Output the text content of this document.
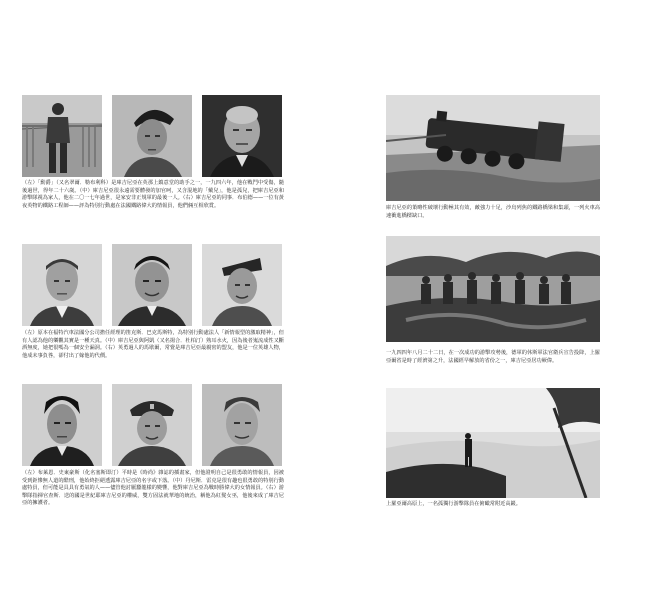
（左）「勳爵」（又名翠爾．勒布利科）是庫吉尼亞在英那上鎮意堂的助手之一，一九四六年，他在戰鬥中受傷，隨後過世，得年二十六歲。（中）庫吉尼亞很永遠需要體發的加官呵，又含混地的「戴兒」，他是孤兒，把庫吉尼亞和游擊隊視為家人，他在二〇一七年過世，是家安非正規軍的最後一人。（右）庫吉尼亞的同事．布伯德——一位有黃夜英物的鐵路工程師——評為特別行動處在法國鐵路偉大的情報員，他們倆互相欣賞。

（左）原本在福特汽車法國分公司擔任經理的笛克斯．巴克馬斯特，為特別行動處法人「新情報型的激取精神」，但有人認為他的樂觀其實是一種天真。（中）庫吉尼亞與阿凱（又名揚合．杜柏汀）熟耳水火，因為後者嵬流成性又斷酒無度，她把很嗎為一個安全漏洞。（右）英勇過人的馬歇爾，常覺是庫吉尼亞最親密的盟友，他是一位英雄人物，他成未事負咎，卻付出了嫁他的代價。

（左）布萊恩．史東豪斯（化名塞斯即汀）平時是《時尚》雜誌的插畫家，但他證明自己是很勇敢的情報員，因被受到鉅慘無人道的酷刑，他始終拒絕透露庫吉尼亞的名字或下落。（中）丹尼斯．雷克是很有趣也很勇敢的特別行動處特員，但可能是具具有勇氣的人——儘管他討厭蠶龍樣的變響，他對庫吉尼亞為戰時勝偉大的女情報員。（右）游擊隊指揮官查斯．送的國是世紀耶庫吉尼亞的權威，雙方固法就華地的統治，稱他為紅髮女巫，他後來成了庫吉尼亞的擁護者。

庫吉尼亞的策略性破壞行動極其有效，敵強力十足，沙烏列焦的鐵路橋梁和集頭，一列火車高速衝進橋樑缺口。

一九四四年八月二十二日，在一次成功的游擊攻勢後，德軍的休斯軍法官衛兵宣告投降，上羅亞爾省是時了經濟第之升，法國經早解放的省份之一，庫吉尼亞居功厥偉。

上羅亞爾高原上，一名孤獨行游擊隊員在俯瞰常附近高巖。
